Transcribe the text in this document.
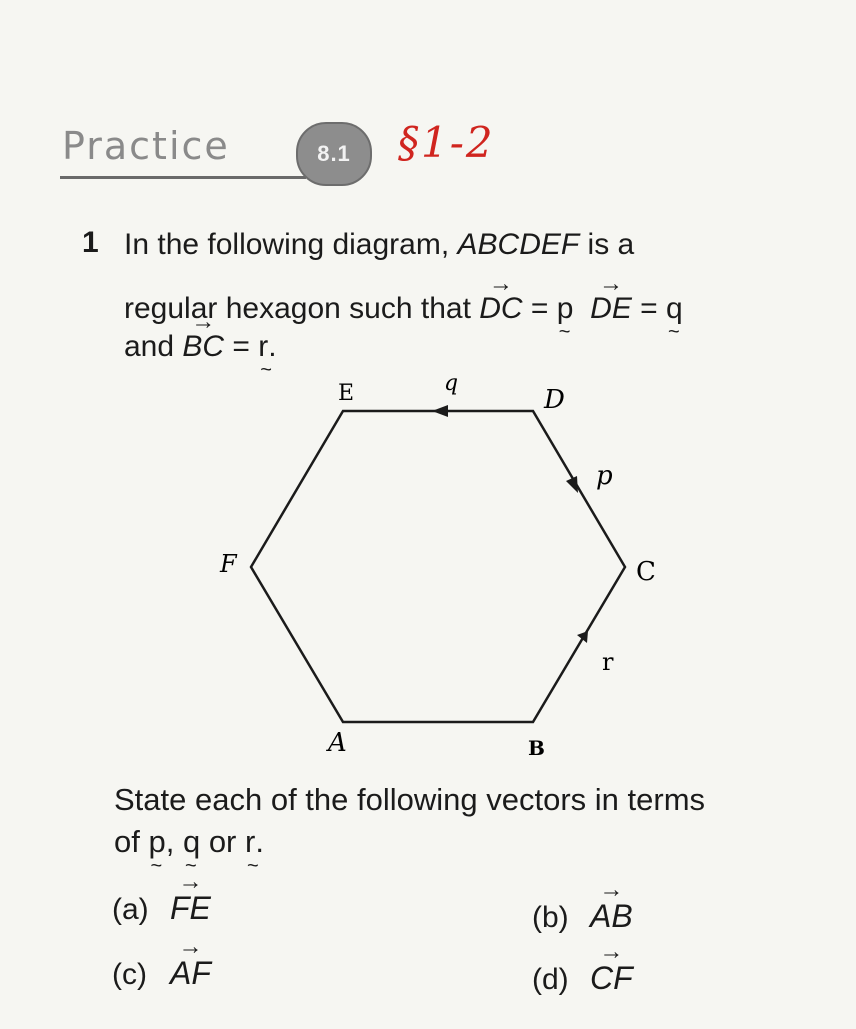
Practice	8.1 §1-2
1 In the following diagram, ABCDEF is a
regular hexagon such that → DC = p ~ → DE = q ~
and → BC = r ~.
E	D
C
B
A
F
q
p
r
State each of the following vectors in terms
of p ~, q ~ or r ~.
(a) → FE	(b) → AB
(c) → AF	(d) → CF
